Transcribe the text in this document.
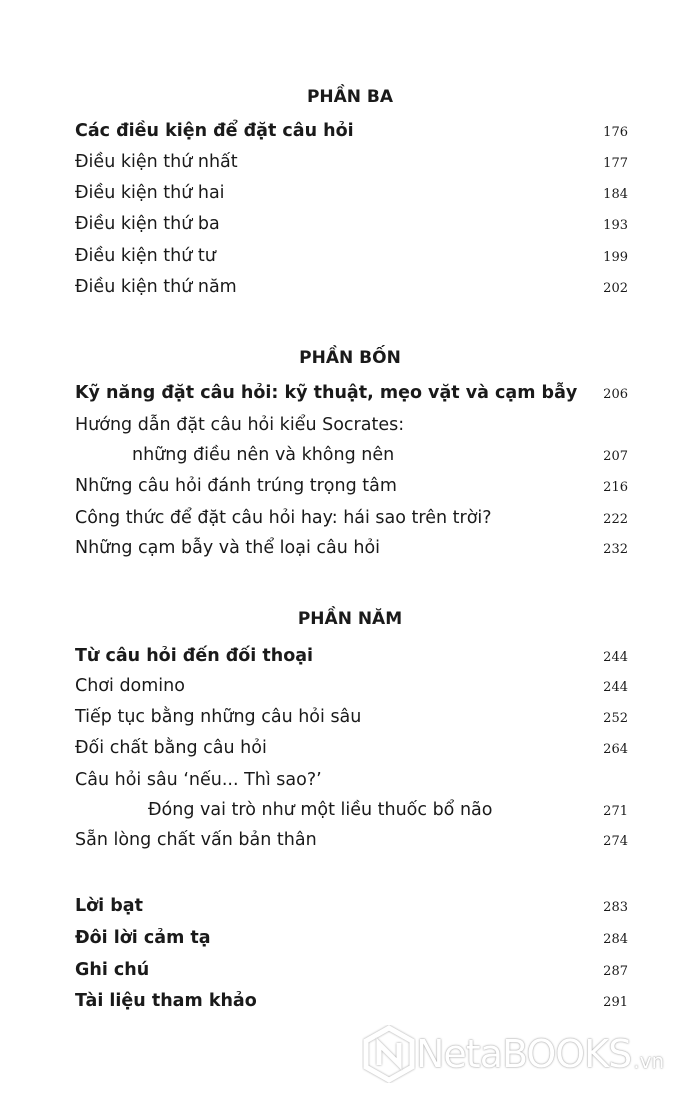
PHẦN BA
Các điều kiện để đặt câu hỏi	176
Điều kiện thứ nhất	177
Điều kiện thứ hai	184
Điều kiện thứ ba	193
Điều kiện thứ tư	199
Điều kiện thứ năm	202
PHẦN BỐN
Kỹ năng đặt câu hỏi: kỹ thuật, mẹo vặt và cạm bẫy 206
Hướng dẫn đặt câu hỏi kiểu Socrates:
những điều nên và không nên	207
Những câu hỏi đánh trúng trọng tâm	216
Công thức để đặt câu hỏi hay: hái sao trên trời?	222
Những cạm bẫy và thể loại câu hỏi	232
PHẦN NĂM
Từ câu hỏi đến đối thoại	244
Chơi domino	244
Tiếp tục bằng những câu hỏi sâu	252
Đối chất bằng câu hỏi	264
Câu hỏi sâu ‘nếu... Thì sao?’
Đóng vai trò như một liều thuốc bổ não	271
Sẵn lòng chất vấn bản thân	274
Lời bạt	283
Đôi lời cảm tạ	284
Ghi chú	287
Tài liệu tham khảo	291
NetaBOOKS .vn
